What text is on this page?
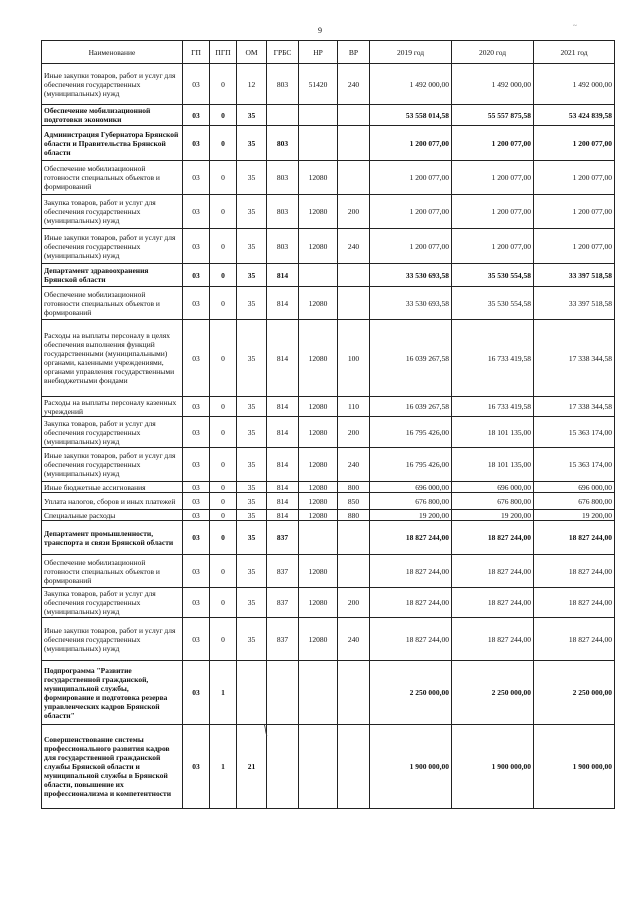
9	~
Наименование	ГП	ПГП	ОМ	ГРБС	НР	ВР	2019 год	2020 год	2021 год
Иные закупки товаров, работ и услуг для обеспечения государственных (муниципальных) нужд	03	0	12	803	51420	240	1 492 000,00	1 492 000,00	1 492 000,00
Обеспечение мобилизационной подготовки экономики	03	0	35				53 558 014,58	55 557 875,58	53 424 839,58
Администрация Губернатора Брянской области и Правительства Брянской области	03	0	35	803			1 200 077,00	1 200 077,00	1 200 077,00
Обеспечение мобилизационной готовности специальных объектов и формирований	03	0	35	803	12080		1 200 077,00	1 200 077,00	1 200 077,00
Закупка товаров, работ и услуг для обеспечения государственных (муниципальных) нужд	03	0	35	803	12080	200	1 200 077,00	1 200 077,00	1 200 077,00
Иные закупки товаров, работ и услуг для обеспечения государственных (муниципальных) нужд	03	0	35	803	12080	240	1 200 077,00	1 200 077,00	1 200 077,00
Департамент здравоохранения Брянской области	03	0	35	814			33 530 693,58	35 530 554,58	33 397 518,58
Обеспечение мобилизационной готовности специальных объектов и формирований	03	0	35	814	12080		33 530 693,58	35 530 554,58	33 397 518,58
Расходы на выплаты персоналу в целях обеспечения выполнения функций государственными (муниципальными) органами, казенными учреждениями, органами управления государственными внебюджетными фондами	03	0	35	814	12080	100	16 039 267,58	16 733 419,58	17 338 344,58
Расходы на выплаты персоналу казенных учреждений	03	0	35	814	12080	110	16 039 267,58	16 733 419,58	17 338 344,58
Закупка товаров, работ и услуг для обеспечения государственных (муниципальных) нужд	03	0	35	814	12080	200	16 795 426,00	18 101 135,00	15 363 174,00
Иные закупки товаров, работ и услуг для обеспечения государственных (муниципальных) нужд	03	0	35	814	12080	240	16 795 426,00	18 101 135,00	15 363 174,00
Иные бюджетные ассигнования	03	0	35	814	12080	800	696 000,00	696 000,00	696 000,00
Уплата налогов, сборов и иных платежей	03	0	35	814	12080	850	676 800,00	676 800,00	676 800,00
Специальные расходы	03	0	35	814	12080	880	19 200,00	19 200,00	19 200,00
Департамент промышленности, транспорта и связи Брянской области	03	0	35	837			18 827 244,00	18 827 244,00	18 827 244,00
Обеспечение мобилизационной готовности специальных объектов и формирований	03	0	35	837	12080		18 827 244,00	18 827 244,00	18 827 244,00
Закупка товаров, работ и услуг для обеспечения государственных (муниципальных) нужд	03	0	35	837	12080	200	18 827 244,00	18 827 244,00	18 827 244,00
Иные закупки товаров, работ и услуг для обеспечения государственных (муниципальных) нужд	03	0	35	837	12080	240	18 827 244,00	18 827 244,00	18 827 244,00
Подпрограмма "Развитие государственной гражданской, муниципальной службы, формирование и подготовка резерва управленческих кадров Брянской области"	03	1					2 250 000,00	2 250 000,00	2 250 000,00
Совершенствование системы профессионального развития кадров для государственной гражданской службы Брянской области и муниципальной службы в Брянской области, повышение их профессионализма и компетентности	03	1	21				1 900 000,00	1 900 000,00	1 900 000,00
